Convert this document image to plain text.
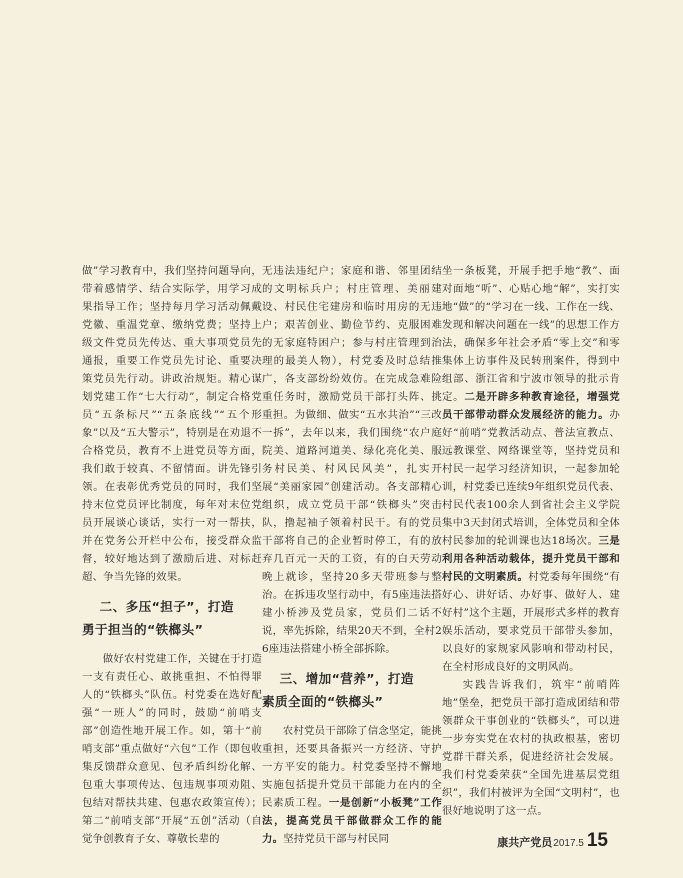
做”学习教育中，我们坚持问题导向，带着感情学、结合实际学，用学习成果指导工作；坚持每月学习活动佩戴党徽、重温党章、缴纳党费；坚持上级文件党员先传达、重大事项党员先通报，重要工作党员先讨论、重要决策党员先行动。讲政治规矩。精心谋划党建工作“七大行动”，制定合格党员“五条标尺”“五条底线”“五个形象”以及“五大警示”，特别是在劝退不合格党员，教育不上进党员等方面，我们敢于较真、不留情面。讲先锋引领。在表彰优秀党员的同时，我们坚持末位党员评比制度，每年对末位党员开展谈心谈话，实行一对一帮扶，并在党务公开栏中公布，接受群众监督，较好地达到了激励后进、对标赶超、争当先锋的效果。

二、多压“担子”，打造
勇于担当的“铁榔头”

做好农村党建工作，关键在于打造一支有责任心、敢挑重担、不怕得罪人的“铁榔头”队伍。村党委在选好配强“一班人”的同时，鼓励“前哨支部”创造性地开展工作。如，第十“前哨支部”重点做好“六包”工作（即包收集反馈群众意见、包矛盾纠纷化解、包重大事项传达、包违规事项劝阻、包结对帮扶共建、包惠农政策宣传）；第二“前哨支部”开展“五创”活动（自觉争创教育子女、尊敬长辈的

无违法违纪户；家庭和谐、邻里团结的文明标兵户；村庄管理、美丽建设、村民住宅建房和临时用房的无违户；艰苦创业、勤俭节约、克服困难的无家庭特困户；参与村庄管理到治理的最美人物），村党委及时总结推广，各支部纷纷效仿。在完成急难险重任务时，激励党员干部打头阵、挑重担。为做细、做实“五水共治”“三改一拆”，去年以来，我们围绕“农户庭院美、道路河道美、绿化亮化美、服务村民美、村风民风美”，扎实开展“美丽家园”创建活动。各支部精心组织，成立党员干部“铁榔头”突击队，撸起袖子领着村民干。有的党员干部将自己的企业暂时停工，有的放弃几百元一天的工资，有的白天劳动晚上就诊，坚持20多天带班参与整治。在拆违攻坚行动中，有5座违法搭建小桥涉及党员家，党员们二话不说，率先拆除，结果20天不到，全村26座违法搭建小桥全部拆除。

三、增加“营养”，打造
素质全面的“铁榔头”

农村党员干部除了信念坚定，能挑重担，还要具备振兴一方经济、守护一方平安的能力。村党委坚持不懈地实施包括提升党员干部能力在内的全民素质工程。一是创新“小板凳”工作法，提高党员干部做群众工作的能力。坚持党员干部与村民同

坐一条板凳，开展手把手地“教”、面对面地“听”、心贴心地“解”，实打实地“做”的“学习在一线、工作在一线、发现和解决问题在一线”的思想工作方法，确保多年社会矛盾“零上交”和零集体上访事件及民转刑案件，得到中组部、浙江省和宁波市领导的批示肯定。二是开辟多种教育途径，增强党员干部带动群众发展经济的能力。办好“前哨”党教活动点、普法宣教点、远教课堂、网络课堂等，坚持党员和村民一起学习经济知识，一起参加轮训，村党委已连续9年组织党员代表、村民代表100余人到省社会主义学院集中3天封闭式培训，全体党员和全体村民参加的轮训课也达18场次。三是利用各种活动载体，提升党员干部和村民的文明素质。村党委每年围绕“有好心、讲好话、办好事、做好人、建好村”这个主题，开展形式多样的教育娱乐活动，要求党员干部带头参加，以良好的家规家风影响和带动村民，在全村形成良好的文明风尚。

实践告诉我们，筑牢“前哨阵地”堡垒，把党员干部打造成团结和带领群众干事创业的“铁榔头”，可以进一步夯实党在农村的执政根基，密切党群干群关系，促进经济社会发展。我们村党委荣获“全国先进基层党组织”，我们村被评为全国“文明村”，也很好地说明了这一点。

康共产党员 2017.5 15
